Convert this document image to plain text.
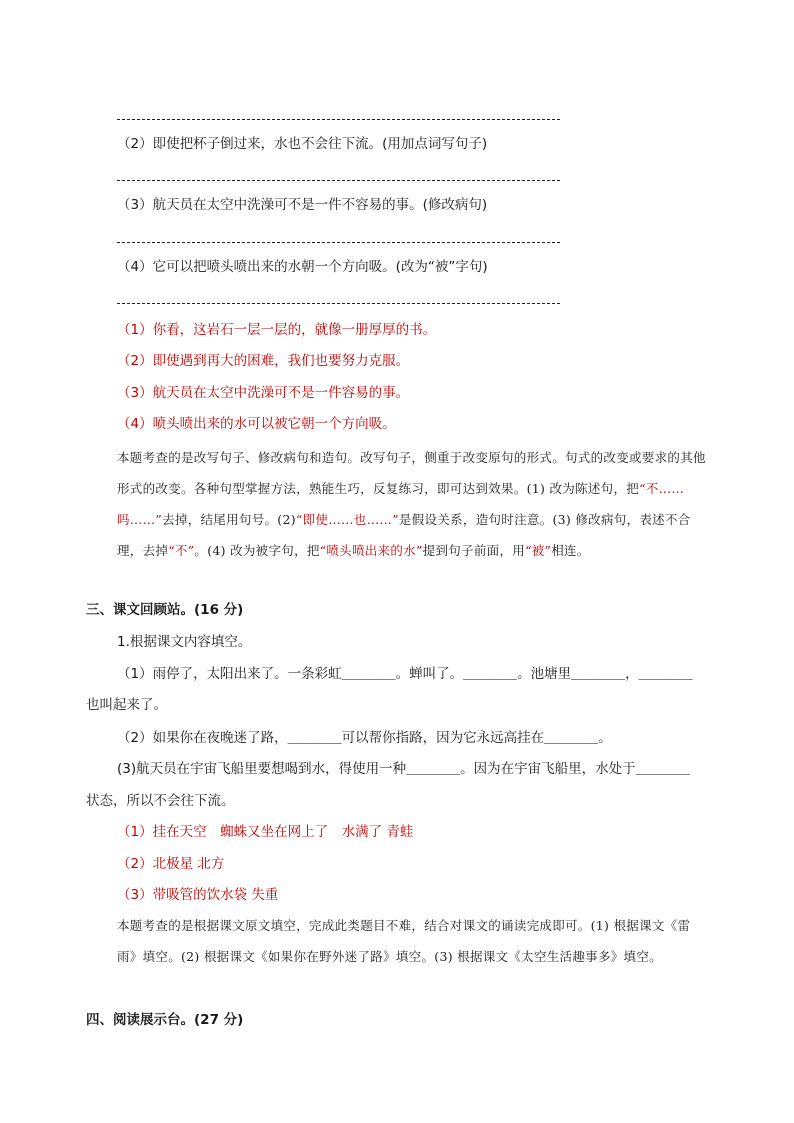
（2）即使把杯子倒过来，水也不会往下流。(用加点词写句子)
（3）航天员在太空中洗澡可不是一件不容易的事。(修改病句)
（4）它可以把喷头喷出来的水朝一个方向吸。(改为“被”字句)
（1）你看，这岩石一层一层的，就像一册厚厚的书。
（2）即使遇到再大的困难，我们也要努力克服。
（3）航天员在太空中洗澡可不是一件容易的事。
（4）喷头喷出来的水可以被它朝一个方向吸。
本题考查的是改写句子、修改病句和造句。改写句子，侧重于改变原句的形式。句式的改变或要求的其他形式的改变。各种句型掌握方法，熟能生巧，反复练习，即可达到效果。(1) 改为陈述句，把“不……吗……”去掉，结尾用句号。(2)“即使……也……”是假设关系，造句时注意。(3) 修改病句，表述不合理，去掉“不”。(4) 改为被字句，把“喷头喷出来的水”提到句子前面，用“被”相连。
三、课文回顾站。(16 分)
1.根据课文内容填空。
（1）雨停了，太阳出来了。一条彩虹＿＿＿＿。蝉叫了。＿＿＿＿。池塘里＿＿＿＿，＿＿＿＿
也叫起来了。
（2）如果你在夜晚迷了路，＿＿＿＿可以帮你指路，因为它永远高挂在＿＿＿＿。
(3)航天员在宇宙飞船里要想喝到水，得使用一种＿＿＿＿。因为在宇宙飞船里，水处于＿＿＿＿
状态，所以不会往下流。
（1）挂在天空　蜘蛛又坐在网上了　水满了 青蛙
（2）北极星 北方
（3）带吸管的饮水袋 失重
本题考查的是根据课文原文填空，完成此类题目不难，结合对课文的诵读完成即可。(1) 根据课文《雷雨》填空。(2) 根据课文《如果你在野外迷了路》填空。(3) 根据课文《太空生活趣事多》填空。
四、阅读展示台。(27 分)
